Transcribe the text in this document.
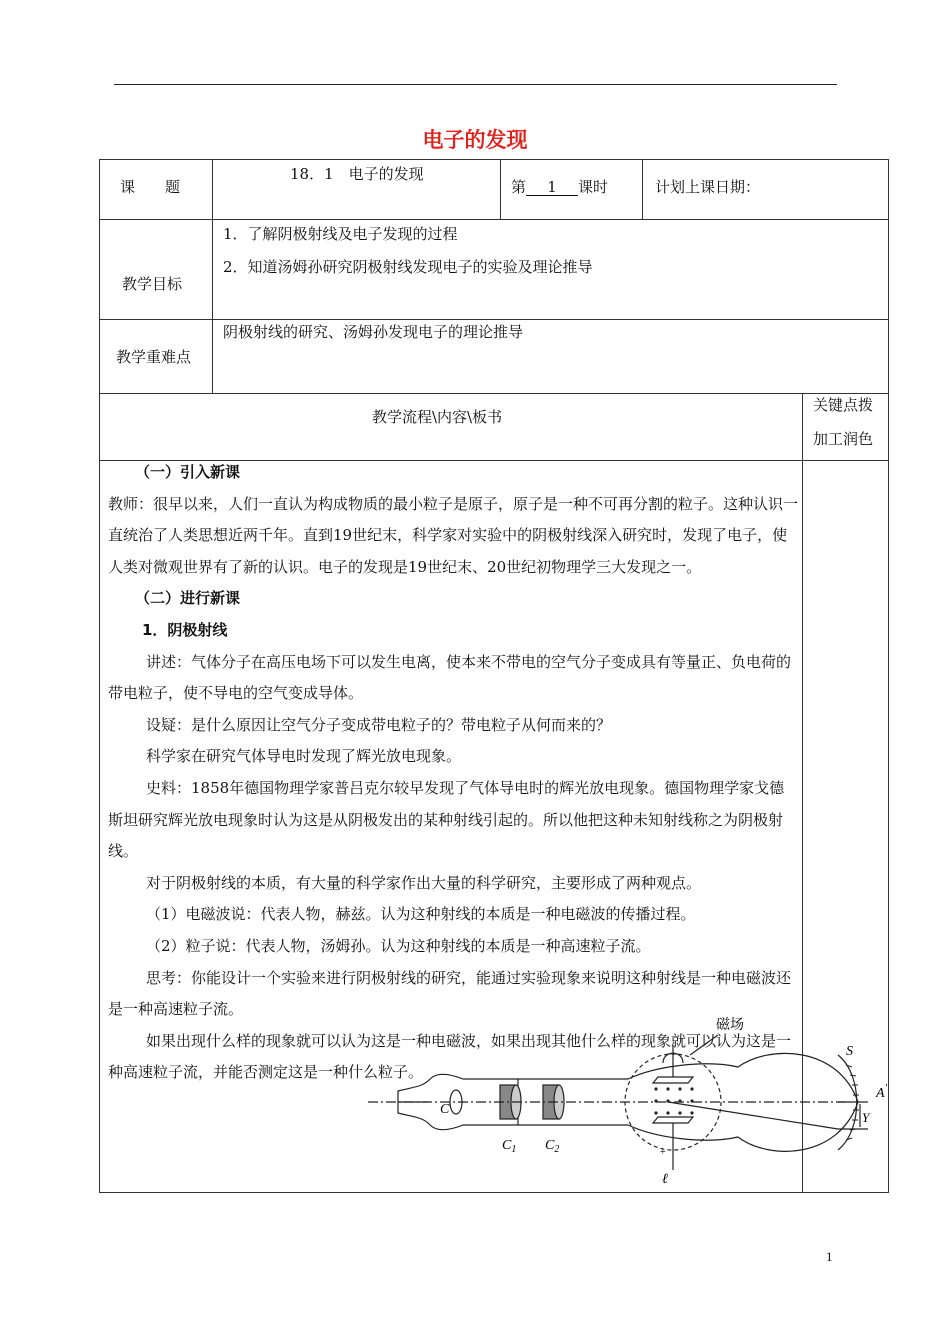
电子的发现
课　　题
18．1　电子的发现
第 1 课时	计划上课日期：
教学目标
1．了解阴极射线及电子发现的过程
2．知道汤姆孙研究阴极射线发现电子的实验及理论推导
教学重难点
阴极射线的研究、汤姆孙发现电子的理论推导
教学流程\内容\板书
关键点拨
加工润色

（一）引入新课

教师：很早以来，人们一直认为构成物质的最小粒子是原子，原子是一种不可再分割的粒子。这种认识一直统治了人类思想近两千年。直到19世纪末，科学家对实验中的阴极射线深入研究时，发现了电子，使人类对微观世界有了新的认识。电子的发现是19世纪末、20世纪初物理学三大发现之一。

（二）进行新课

1．阴极射线

讲述：气体分子在高压电场下可以发生电离，使本来不带电的空气分子变成具有等量正、负电荷的带电粒子，使不导电的空气变成导体。

设疑：是什么原因让空气分子变成带电粒子的？带电粒子从何而来的？

科学家在研究气体导电时发现了辉光放电现象。

史料：1858年德国物理学家普吕克尔较早发现了气体导电时的辉光放电现象。德国物理学家戈德斯坦研究辉光放电现象时认为这是从阴极发出的某种射线引起的。所以他把这种未知射线称之为阴极射线。

对于阴极射线的本质，有大量的科学家作出大量的科学研究，主要形成了两种观点。

（1）电磁波说：代表人物，赫兹。认为这种射线的本质是一种电磁波的传播过程。

（2）粒子说：代表人物，汤姆孙。认为这种射线的本质是一种高速粒子流。

思考：你能设计一个实验来进行阴极射线的研究，能通过实验现象来说明这种射线是一种电磁波还是一种高速粒子流。

如果出现什么样的现象就可以认为这是一种电磁波，如果出现其他什么样的现象就可以认为这是一种高速粒子流，并能否测定这是一种什么粒子。

磁场
C
$C_1$ $C_2$
S
A′
Y
ℓ
+
1
